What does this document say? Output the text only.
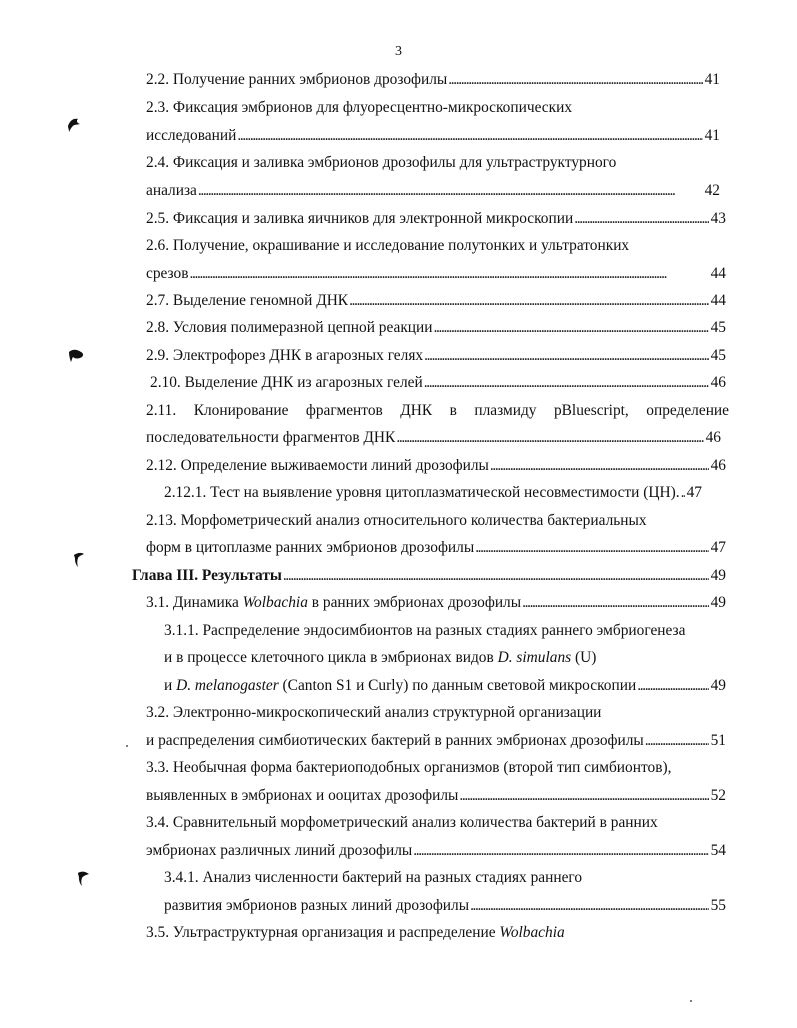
3
2.2. Получение ранних эмбрионов дрозофилы . . .	41
2.3. Фиксация эмбрионов для флуоресцентно-микроскопических
исследований . . .	41
2.4. Фиксация и заливка эмбрионов дрозофилы для ультраструктурного
анализа . . .	42
2.5. Фиксация и заливка яичников для электронной микроскопии . . .	43
2.6. Получение, окрашивание и исследование полутонких и ультратонких
срезов . . .	44
2.7. Выделение геномной ДНК . . .	44
2.8. Условия полимеразной цепной реакции . . .	45
2.9. Электрофорез ДНК в агарозных гелях . . .	45
2.10. Выделение ДНК из агарозных гелей . . .	46
2.11. Клонирование фрагментов ДНК в плазмиду pBluescript, определение
последовательности фрагментов ДНК . . .	46
2.12. Определение выживаемости линий дрозофилы . . .	46
2.12.1. Тест на выявление уровня цитоплазматической несовместимости (ЦН). . . . 47
2.13. Морфометрический анализ относительного количества бактериальных
форм в цитоплазме ранних эмбрионов дрозофилы . . .	47
Глава III. Результаты . . .	49
3.1. Динамика Wolbachia в ранних эмбрионах дрозофилы . . .	49
3.1.1. Распределение эндосимбионтов на разных стадиях раннего эмбриогенеза
и в процессе клеточного цикла в эмбрионах видов D. simulans (U)
и D. melanogaster (Canton S1 и Curly) по данным световой микроскопии . . .	49
3.2. Электронно-микроскопический анализ структурной организации
и распределения симбиотических бактерий в ранних эмбрионах дрозофилы . . .	51
3.3. Необычная форма бактериоподобных организмов (второй тип симбионтов),
выявленных в эмбрионах и ооцитах дрозофилы . . .	52
3.4. Сравнительный морфометрический анализ количества бактерий в ранних
эмбрионах различных линий дрозофилы . . .	54
3.4.1. Анализ численности бактерий на разных стадиях раннего
развития эмбрионов разных линий дрозофилы . . .	55
3.5. Ультраструктурная организация и распределение Wolbachia
